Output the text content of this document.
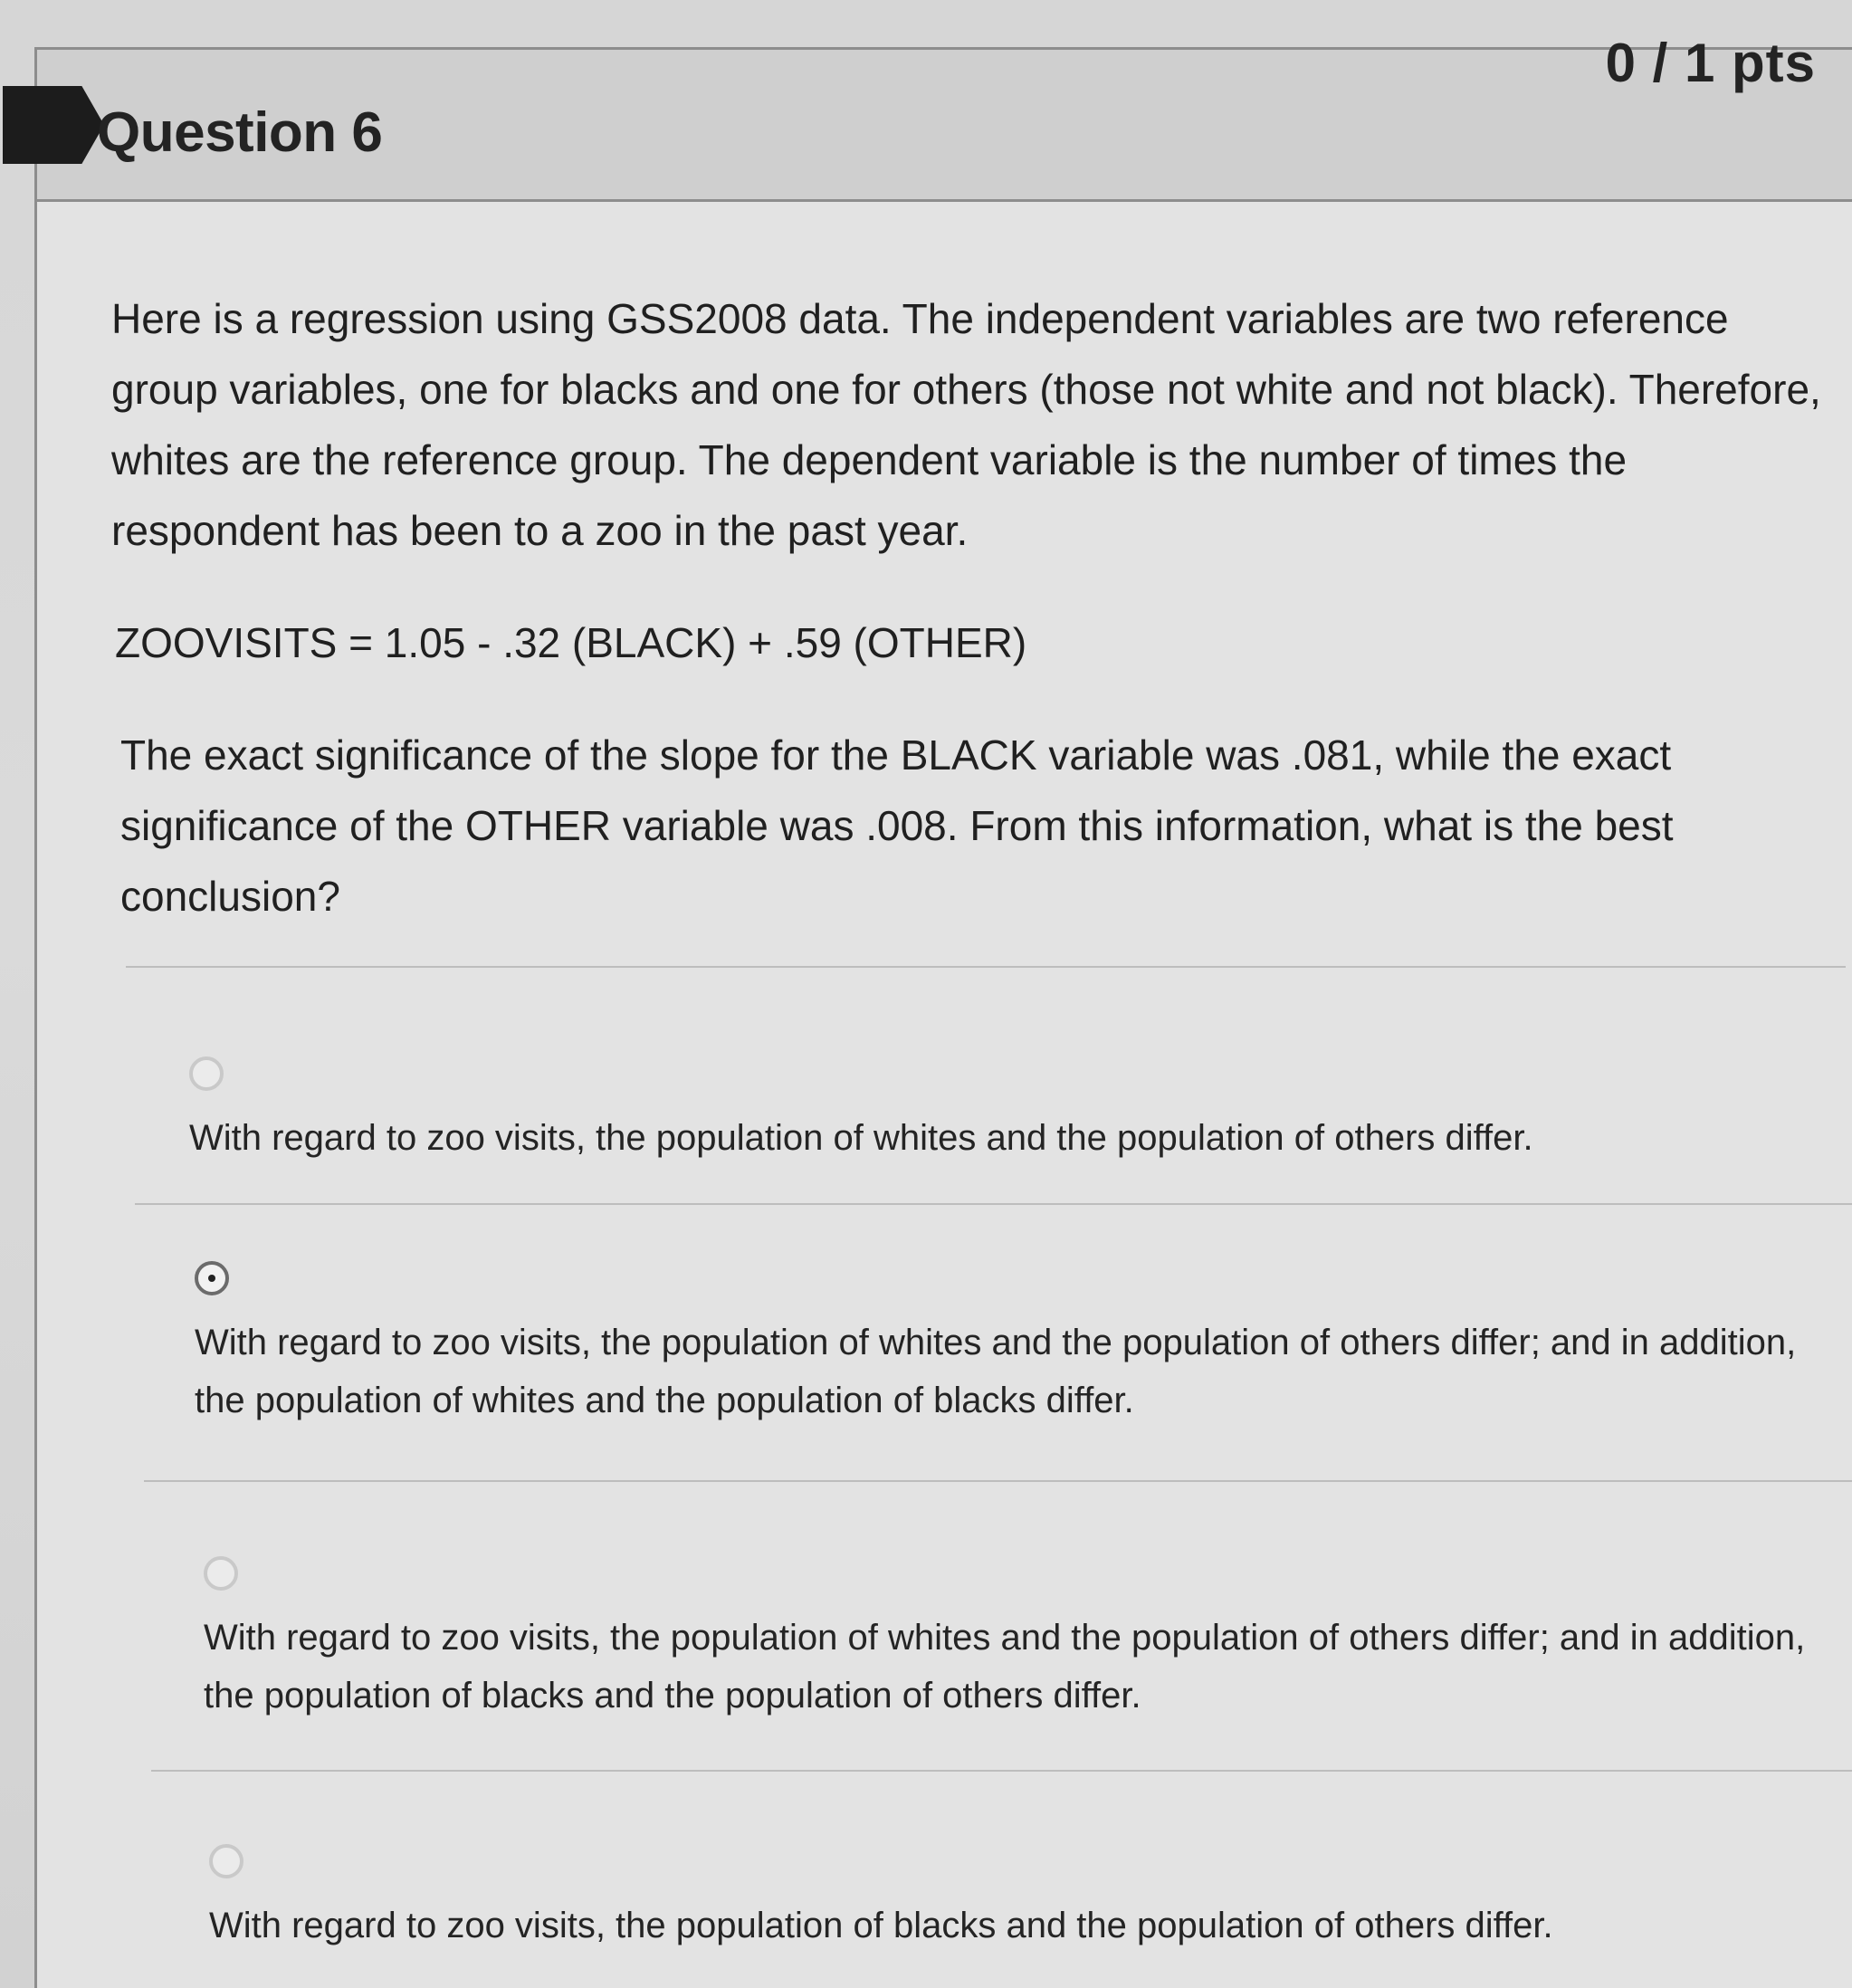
Question 6
0 / 1 pts

Here is a regression using GSS2008 data. The independent variables are two reference group variables, one for blacks and one for others (those not white and not black). Therefore, whites are the reference group. The dependent variable is the number of times the respondent has been to a zoo in the past year.

ZOOVISITS = 1.05 - .32 (BLACK) + .59 (OTHER)
The exact significance of the slope for the BLACK variable was .081, while the exact significance of the OTHER variable was .008. From this information, what is the best conclusion?
With regard to zoo visits, the population of whites and the population of others differ.
With regard to zoo visits, the population of whites and the population of others differ; and in addition, the population of whites and the population of blacks differ.
With regard to zoo visits, the population of whites and the population of others differ; and in addition, the population of blacks and the population of others differ.
With regard to zoo visits, the population of blacks and the population of others differ.
